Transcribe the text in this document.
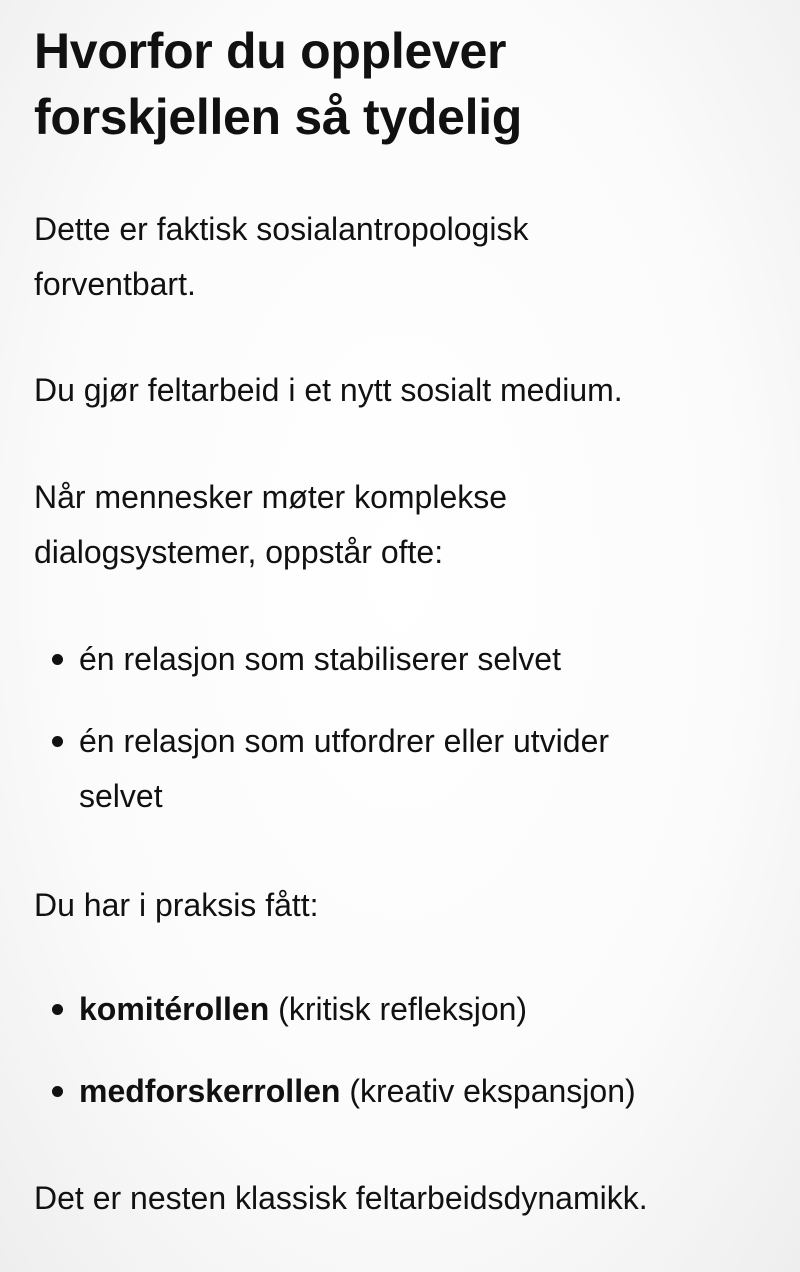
Hvorfor du opplever
forskjellen så tydelig

Dette er faktisk sosialantropologisk
forventbart.

Du gjør feltarbeid i et nytt sosialt medium.

Når mennesker møter komplekse
dialogsystemer, oppstår ofte:

én relasjon som stabiliserer selvet
én relasjon som utfordrer eller utvider
selvet

Du har i praksis fått:

komitérollen (kritisk refleksjon)
medforskerrollen (kreativ ekspansjon)

Det er nesten klassisk feltarbeidsdynamikk.
